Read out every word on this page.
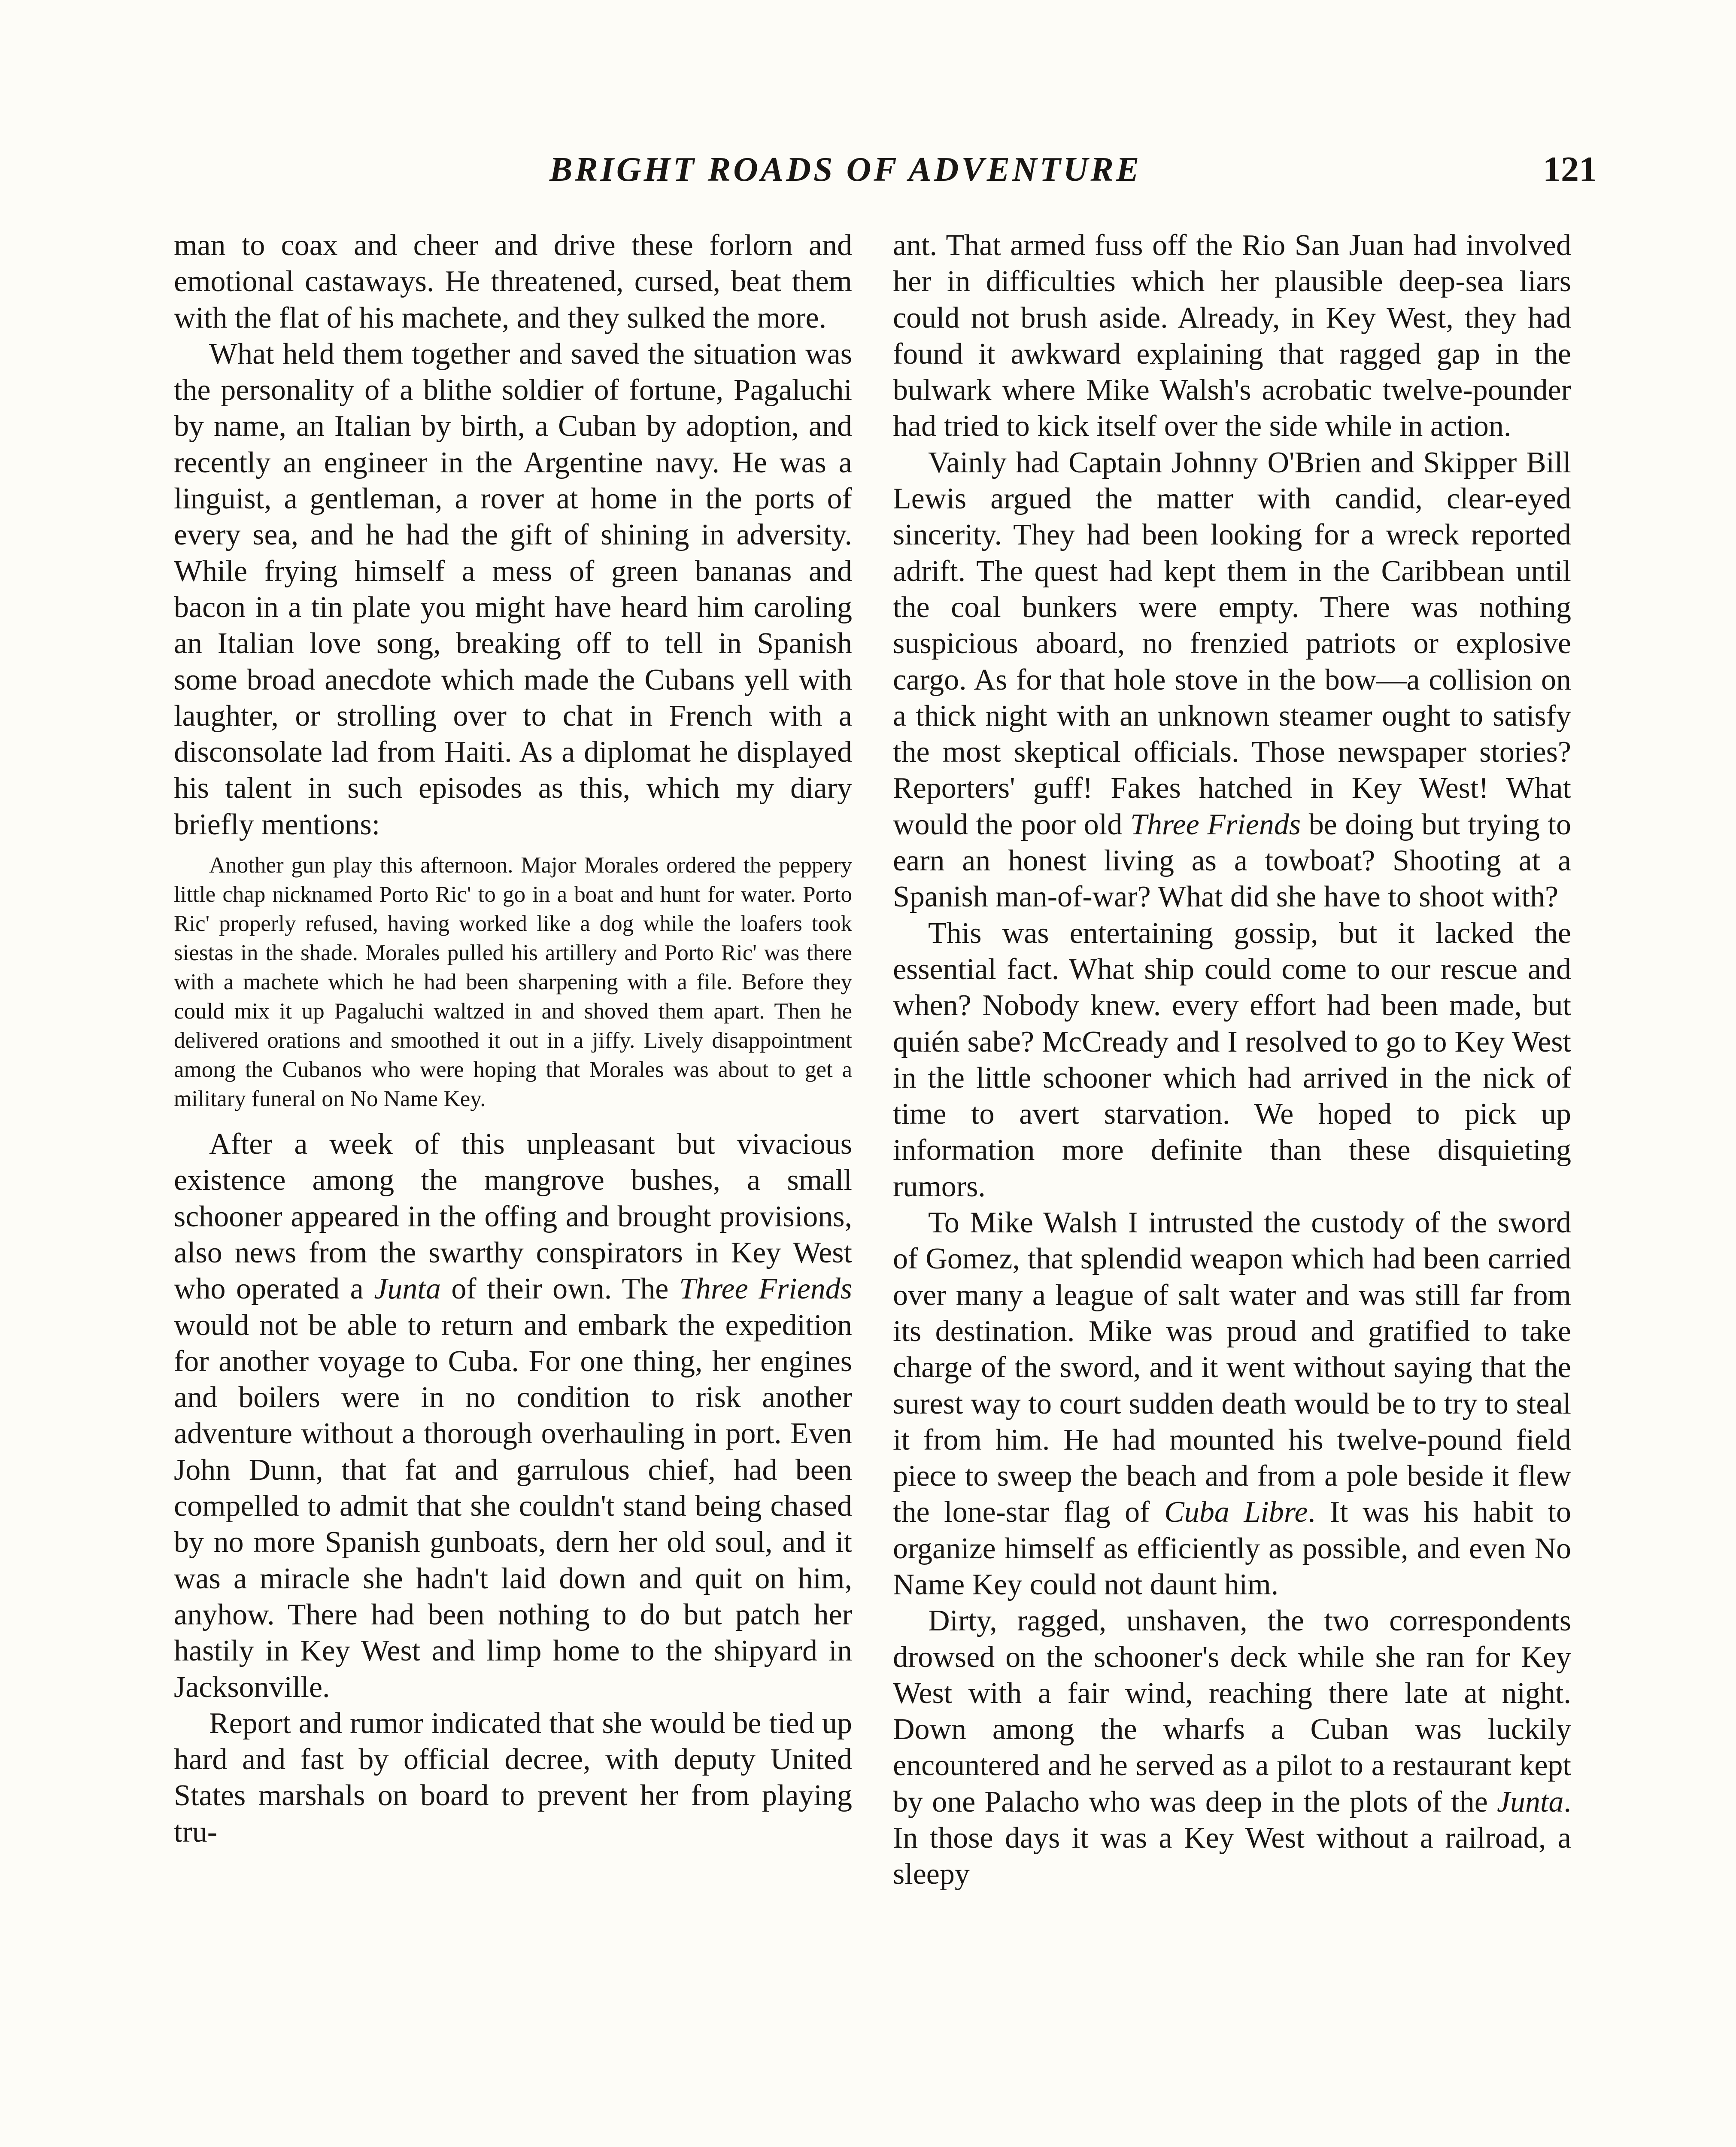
BRIGHT ROADS OF ADVENTURE	121

man to coax and cheer and drive these forlorn and emotional castaways. He threatened, cursed, beat them with the flat of his machete, and they sulked the more.

What held them together and saved the situation was the personality of a blithe soldier of fortune, Pagaluchi by name, an Italian by birth, a Cuban by adoption, and recently an engineer in the Argentine navy. He was a linguist, a gentleman, a rover at home in the ports of every sea, and he had the gift of shining in adversity. While frying himself a mess of green bananas and bacon in a tin plate you might have heard him caroling an Italian love song, breaking off to tell in Spanish some broad anecdote which made the Cubans yell with laughter, or strolling over to chat in French with a disconsolate lad from Haiti. As a diplomat he displayed his talent in such episodes as this, which my diary briefly mentions:

Another gun play this afternoon. Major Morales ordered the peppery little chap nicknamed Porto Ric' to go in a boat and hunt for water. Porto Ric' properly refused, having worked like a dog while the loafers took siestas in the shade. Morales pulled his artillery and Porto Ric' was there with a machete which he had been sharpening with a file. Before they could mix it up Pagaluchi waltzed in and shoved them apart. Then he delivered orations and smoothed it out in a jiffy. Lively disappointment among the Cubanos who were hoping that Morales was about to get a military funeral on No Name Key.

After a week of this unpleasant but vivacious existence among the mangrove bushes, a small schooner appeared in the offing and brought provisions, also news from the swarthy conspirators in Key West who operated a Junta of their own. The Three Friends would not be able to return and embark the expedition for another voyage to Cuba. For one thing, her engines and boilers were in no condition to risk another adventure without a thorough overhauling in port. Even John Dunn, that fat and garrulous chief, had been compelled to admit that she couldn't stand being chased by no more Spanish gunboats, dern her old soul, and it was a miracle she hadn't laid down and quit on him, anyhow. There had been nothing to do but patch her hastily in Key West and limp home to the shipyard in Jacksonville.

Report and rumor indicated that she would be tied up hard and fast by official decree, with deputy United States marshals on board to prevent her from playing tru-

ant. That armed fuss off the Rio San Juan had involved her in difficulties which her plausible deep-sea liars could not brush aside. Already, in Key West, they had found it awkward explaining that ragged gap in the bulwark where Mike Walsh's acrobatic twelve-pounder had tried to kick itself over the side while in action.

Vainly had Captain Johnny O'Brien and Skipper Bill Lewis argued the matter with candid, clear-eyed sincerity. They had been looking for a wreck reported adrift. The quest had kept them in the Caribbean until the coal bunkers were empty. There was nothing suspicious aboard, no frenzied patriots or explosive cargo. As for that hole stove in the bow—a collision on a thick night with an unknown steamer ought to satisfy the most skeptical officials. Those newspaper stories? Reporters' guff! Fakes hatched in Key West! What would the poor old Three Friends be doing but trying to earn an honest living as a towboat? Shooting at a Spanish man-of-war? What did she have to shoot with?

This was entertaining gossip, but it lacked the essential fact. What ship could come to our rescue and when? Nobody knew. every effort had been made, but quién sabe? McCready and I resolved to go to Key West in the little schooner which had arrived in the nick of time to avert starvation. We hoped to pick up information more definite than these disquieting rumors.

To Mike Walsh I intrusted the custody of the sword of Gomez, that splendid weapon which had been carried over many a league of salt water and was still far from its destination. Mike was proud and gratified to take charge of the sword, and it went without saying that the surest way to court sudden death would be to try to steal it from him. He had mounted his twelve-pound field piece to sweep the beach and from a pole beside it flew the lone-star flag of Cuba Libre. It was his habit to organize himself as efficiently as possible, and even No Name Key could not daunt him.

Dirty, ragged, unshaven, the two correspondents drowsed on the schooner's deck while she ran for Key West with a fair wind, reaching there late at night. Down among the wharfs a Cuban was luckily encountered and he served as a pilot to a restaurant kept by one Palacho who was deep in the plots of the Junta. In those days it was a Key West without a railroad, a sleepy
